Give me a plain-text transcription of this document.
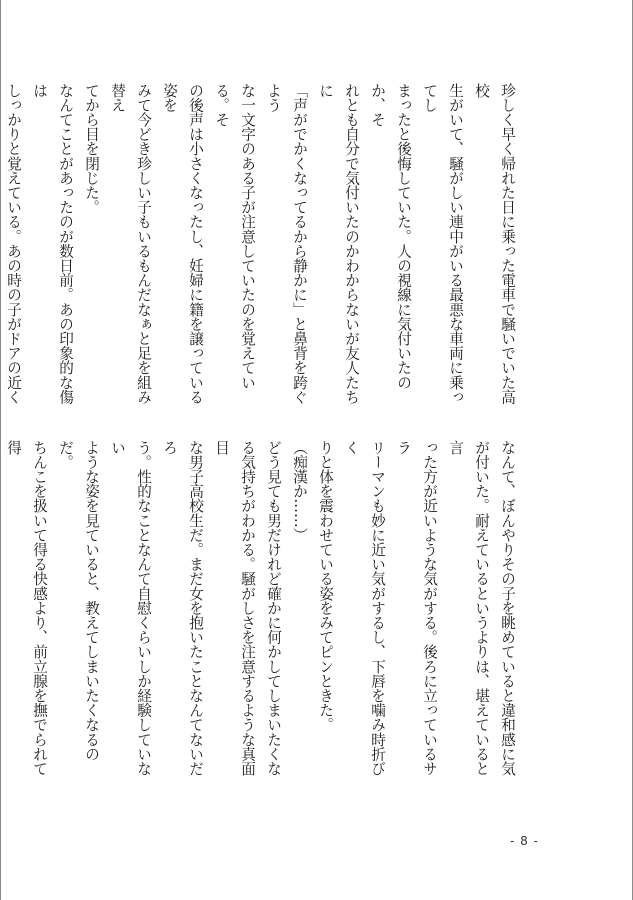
珍しく早く帰れた日に乗った電車で騒いでいた高校

生がいて、騒がしい連中がいる最悪な車両に乗ってし

まったと後悔していた。人の視線に気付いたのか、そ

れとも自分で気付いたのかわからないが友人たちに

「声がでかくなってるから静かに」と鼻背を跨ぐよう

な一文字のある子が注意していたのを覚えている。そ

の後声は小さくなったし、妊婦に籍を譲っている姿を

みて今どき珍しい子もいるもんだなぁと足を組み替え

てから目を閉じた。

なんてことがあったのが数日前。あの印象的な傷は

しっかりと覚えている。あの時の子がドアの近く

なんて、ぼんやりその子を眺めていると違和感に気

が付いた。耐えているというよりは、堪えていると言

った方が近いような気がする。後ろに立っているサラ

リーマンも妙に近い気がするし、下唇を噛み時折びく

りと体を震わせている姿をみてピンときた。

（痴漢か……）

どう見ても男だけれど確かに何かしてしまいたくな

る気持ちがわかる。騒がしさを注意するような真面目

な男子高校生だ。まだ女を抱いたことなんてないだろ

う。性的なことなんて自慰くらいしか経験していない

ような姿を見ていると、教えてしまいたくなるのだ。

ちんこを扱いて得る快感より、前立腺を撫でられて得

- 8 -
